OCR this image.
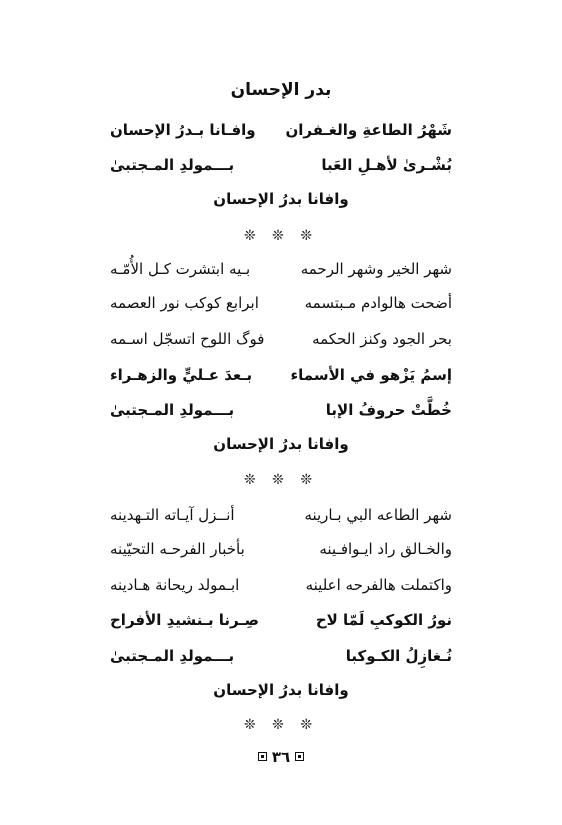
بدر الإحسان
شَهْرُ الطاعةِ والغـفران
وافـانا بـدرُ الإحسان
بُشْـرىٰ لأهـلِ العَبا
بـــمولدِ المـجتبىٰ
وافانا بدرُ الإحسان
❊ ❊ ❊
شهر الخير وشهر الرحمه
بـيه ابتشرت كـل الأُمّـه
أضحت هالوادم مـبتسمه
ابرابع كوكب نور العصمه
بحر الجود وكنز الحكمه
فوگ اللوح اتسجّل اسـمه
إسمُ يَزْهو في الأسماء
بـعدَ عـليٍّ والزهـراء
خُطَّتْ حروفُ الإبا
بـــمولدِ المـجتبىٰ
وافانا بدرُ الإحسان
❊ ❊ ❊
شهر الطاعه البي بـارينه
أنــزل آيـاته التـهدينه
والخـالق راد ايـوافـينه
بأخبار الفرحـه التحيّينه
واكتملت هالفرحه اعلينه
ابـمولد ريحانة هـادينه
نورُ الكوكبِ لَمّا لاح
صِـرنا بـنشيدِ الأفراح
نُـغازِلُ الكـوكبا
بـــمولدِ المـجتبىٰ
وافانا بدرُ الإحسان
❊ ❊ ❊
٣٦
